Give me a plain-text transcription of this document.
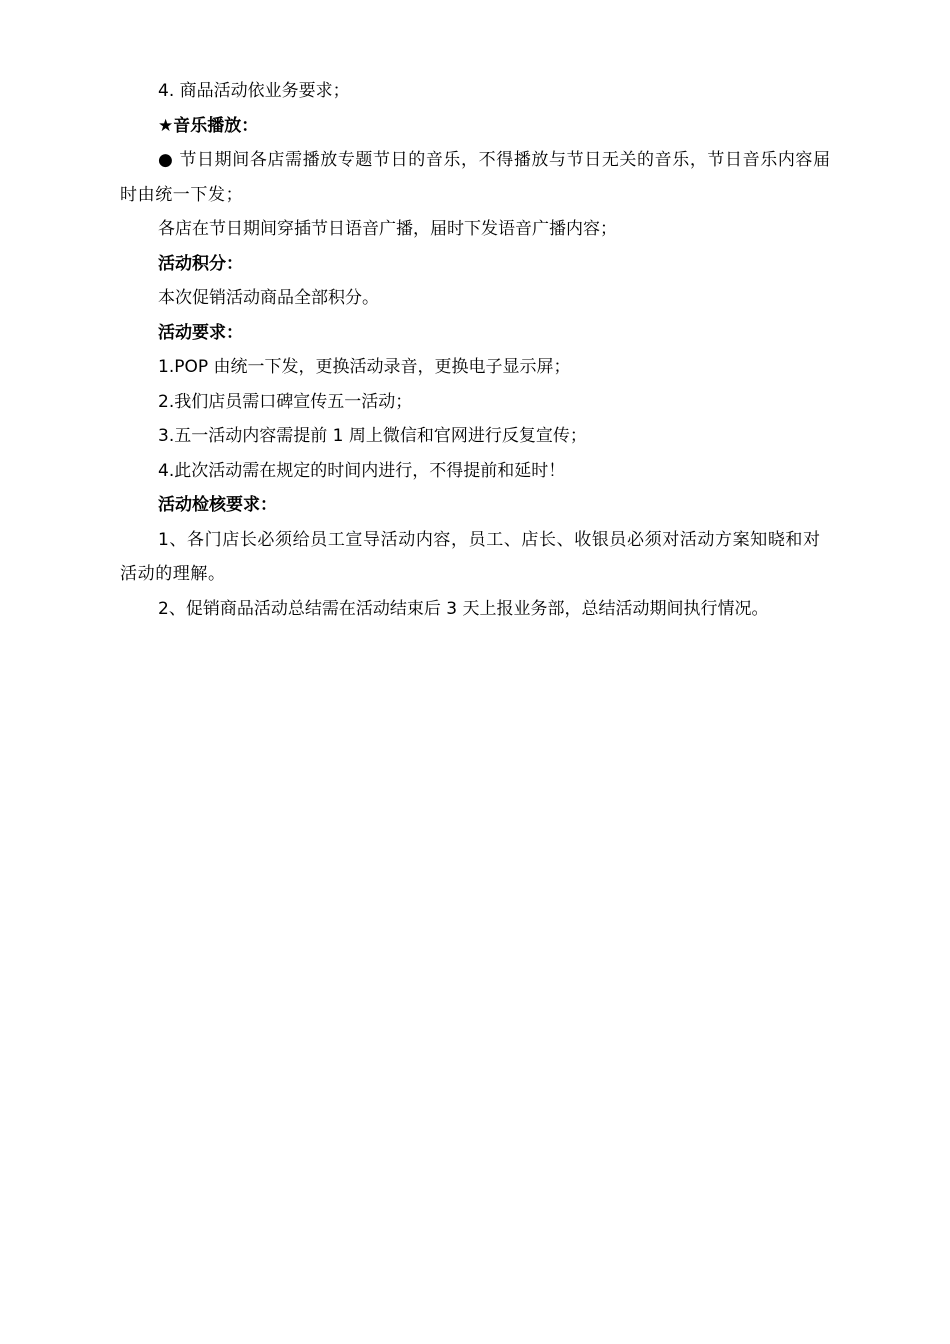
4. 商品活动依业务要求；
★音乐播放：
● 节日期间各店需播放专题节日的音乐，不得播放与节日无关的音乐，节日音乐内容届时由统一下发；
各店在节日期间穿插节日语音广播，届时下发语音广播内容；
活动积分：
本次促销活动商品全部积分。
活动要求：
1.POP 由统一下发，更换活动录音，更换电子显示屏；
2.我们店员需口碑宣传五一活动；
3.五一活动内容需提前 1 周上微信和官网进行反复宣传；
4.此次活动需在规定的时间内进行，不得提前和延时！
活动检核要求：
1、各门店长必须给员工宣导活动内容，员工、店长、收银员必须对活动方案知晓和对活动的理解。
2、促销商品活动总结需在活动结束后 3 天上报业务部，总结活动期间执行情况。
